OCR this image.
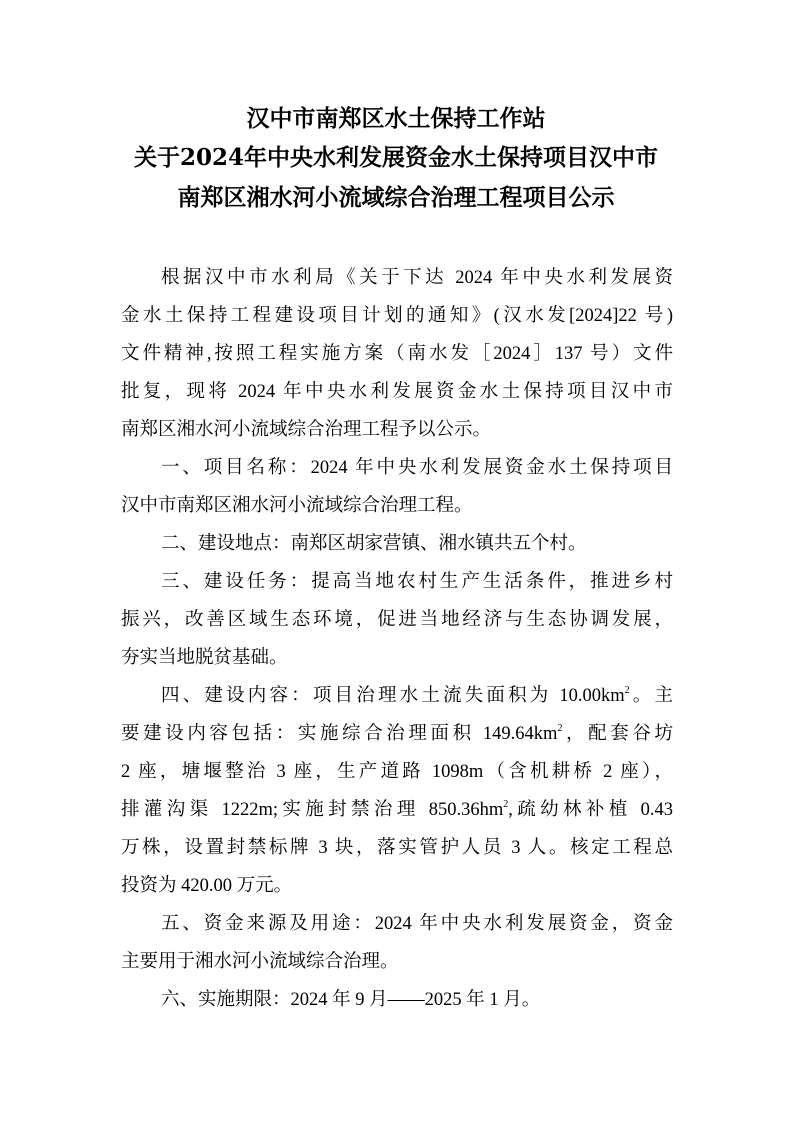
汉中市南郑区水土保持工作站
关于2024年中央水利发展资金水土保持项目汉中市
南郑区湘水河小流域综合治理工程项目公示
根据汉中市水利局《关于下达 2024 年中央水利发展资
金水土保持工程建设项目计划的通知》(汉水发[2024]22 号)
文件精神,按照工程实施方案（南水发［2024］137 号）文件
批复，现将 2024 年中央水利发展资金水土保持项目汉中市
南郑区湘水河小流域综合治理工程予以公示。
一、项目名称：2024 年中央水利发展资金水土保持项目
汉中市南郑区湘水河小流域综合治理工程。
二、建设地点：南郑区胡家营镇、湘水镇共五个村。
三、建设任务：提高当地农村生产生活条件，推进乡村
振兴，改善区域生态环境，促进当地经济与生态协调发展，
夯实当地脱贫基础。
四、建设内容：项目治理水土流失面积为 $10.00km^2$。主
要建设内容包括：实施综合治理面积 $149.64km^2$，配套谷坊
2 座，塘堰整治 3 座，生产道路 1098m（含机耕桥 2 座），
排灌沟渠 1222m;实施封禁治理 $850.36hm^2$,疏幼林补植 0.43
万株，设置封禁标牌 3 块，落实管护人员 3 人。核定工程总
投资为 420.00 万元。
五、资金来源及用途：2024 年中央水利发展资金，资金
主要用于湘水河小流域综合治理。
六、实施期限：2024 年 9 月——2025 年 1 月。
